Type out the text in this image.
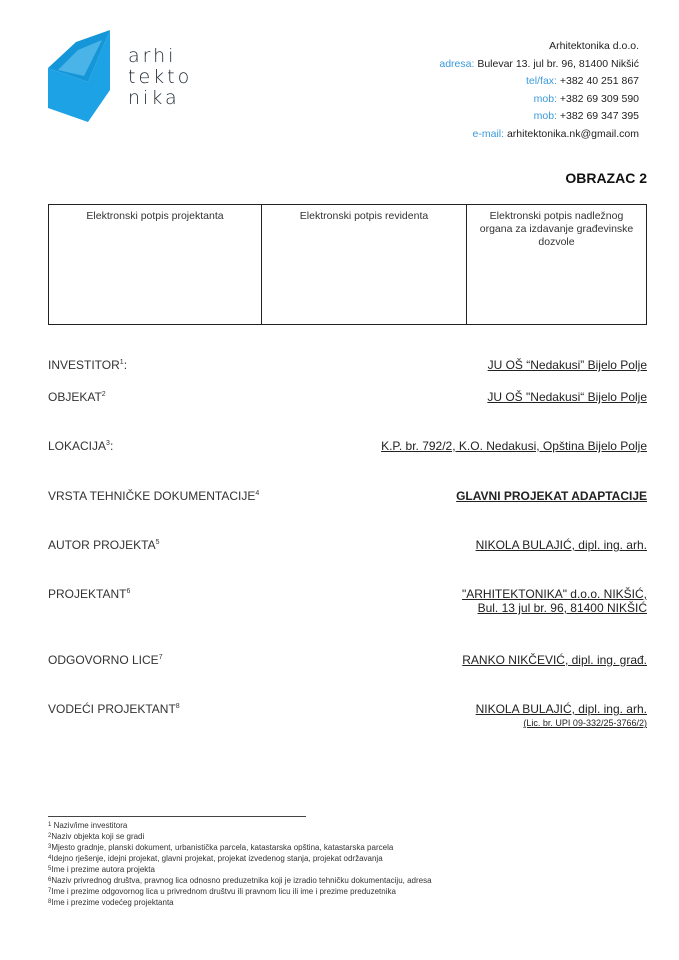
arhi
tekto
nika
Arhitektonika d.o.o.
adresa: Bulevar 13. jul br. 96, 81400 Nikšić
tel/fax: +382 40 251 867
mob: +382 69 309 590
mob: +382 69 347 395
e-mail: arhitektonika.nk@gmail.com
OBRAZAC 2
Elektronski potpis projektanta	Elektronski potpis revidenta	Elektronski potpis nadležnog organa za izdavanje građevinske dozvole
INVESTITOR$^1$:	JU OŠ “Nedakusi” Bijelo Polje
OBJEKAT$^2$	JU OŠ "Nedakusi“ Bijelo Polje
LOKACIJA$^3$:	K.P. br. 792/2, K.O. Nedakusi, Opština Bijelo Polje
VRSTA TEHNIČKE DOKUMENTACIJE$^4$	GLAVNI PROJEKAT ADAPTACIJE
AUTOR PROJEKTA$^5$	NIKOLA BULAJIĆ, dipl. ing. arh.
PROJEKTANT$^6$	"ARHITEKTONIKA" d.o.o. NIKŠIĆ,
Bul. 13 jul br. 96, 81400 NIKŠIĆ
ODGOVORNO LICE$^7$	RANKO NIKČEVIĆ, dipl. ing. građ.
VODEĆI PROJEKTANT$^8$	NIKOLA BULAJIĆ, dipl. ing. arh.
(Lic. br. UPI 09-332/25-3766/2)
$^1$ Naziv/ime investitora
$^2$Naziv objekta koji se gradi
$^3$Mjesto gradnje, planski dokument, urbanistička parcela, katastarska opština, katastarska parcela
$^4$Idejno rješenje, idejni projekat, glavni projekat, projekat izvedenog stanja, projekat održavanja
$^5$Ime i prezime autora projekta
$^6$Naziv privrednog društva, pravnog lica odnosno preduzetnika koji je izradio tehničku dokumentaciju, adresa
$^7$Ime i prezime odgovornog lica u privrednom društvu ili pravnom licu ili ime i prezime preduzetnika
$^8$Ime i prezime vodećeg projektanta
